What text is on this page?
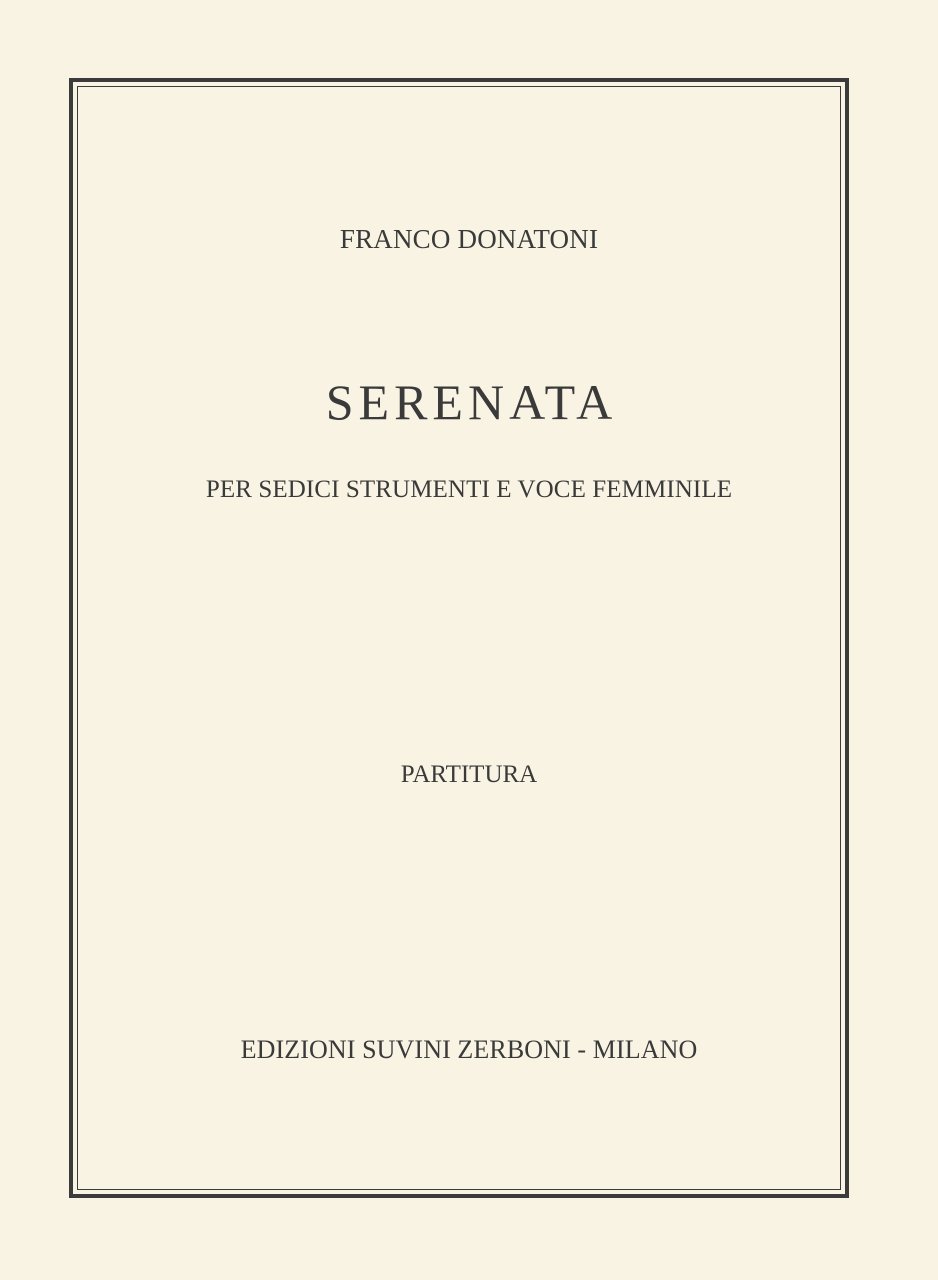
FRANCO DONATONI
SERENATA
PER SEDICI STRUMENTI E VOCE FEMMINILE
PARTITURA
EDIZIONI SUVINI ZERBONI - MILANO
